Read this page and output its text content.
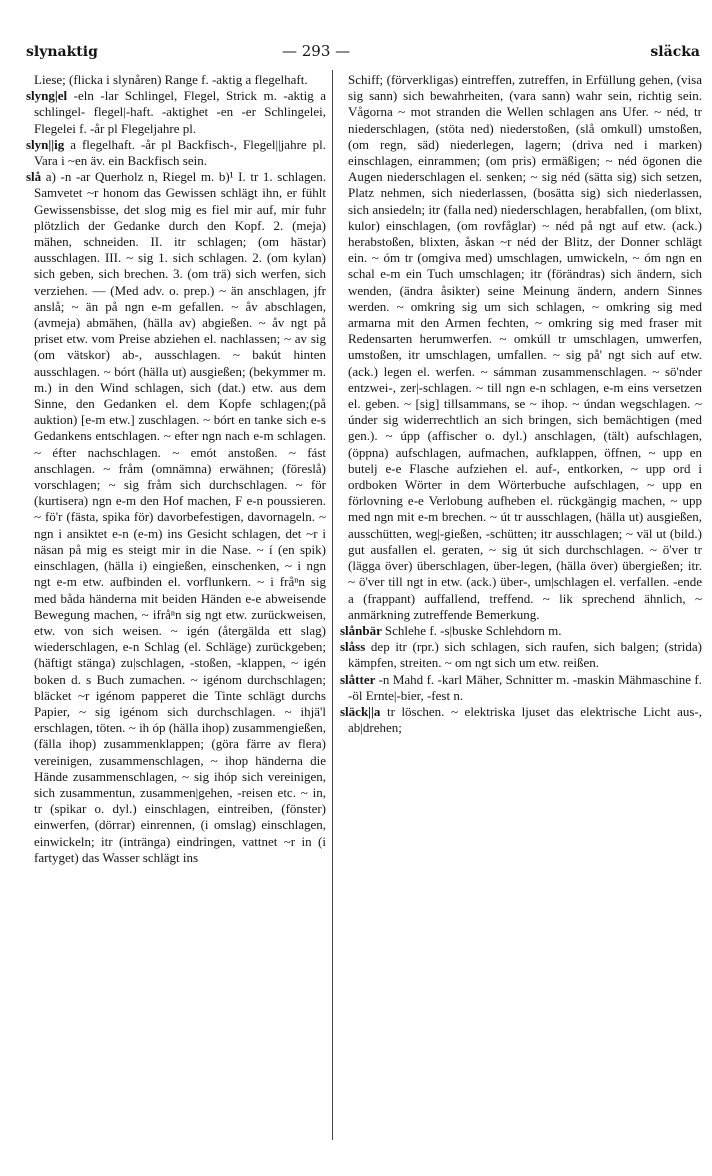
slynaktig	— 293 —	släcka

Liese; (flicka i slynåren) Range f. -aktig a flegelhaft.

slyng|el -eln -lar Schlingel, Flegel, Strick m. -aktig a schlingel- flegel|-haft. -aktighet -en -er Schlingelei, Flegelei f. -år pl Flegeljahre pl.

slyn||ig a flegelhaft. -år pl Backfisch-, Flegel||jahre pl. Vara i ~en äv. ein Backfisch sein.

slå a) -n -ar Querholz n, Riegel m. b)¹ I. tr 1. schlagen. Samvetet ~r honom das Gewissen schlägt ihn, er fühlt Gewissensbisse, det slog mig es fiel mir auf, mir fuhr plötzlich der Gedanke durch den Kopf. 2. (meja) mähen, schneiden. II. itr schlagen; (om hästar) ausschlagen. III. ~ sig 1. sich schlagen. 2. (om kylan) sich geben, sich brechen. 3. (om trä) sich werfen, sich verziehen. — (Med adv. o. prep.) ~ än anschlagen, jfr anslå; ~ än på ngn e-m gefallen. ~ åv abschlagen, (avmeja) abmähen, (hälla av) abgießen. ~ åv ngt på priset etw. vom Preise abziehen el. nachlassen; ~ av sig (om vätskor) ab-, ausschlagen. ~ bakút hinten ausschlagen. ~ bórt (hälla ut) ausgießen; (bekymmer m. m.) in den Wind schlagen, sich (dat.) etw. aus dem Sinne, den Gedanken el. dem Kopfe schlagen;(på auktion) [e-m etw.] zuschlagen. ~ bórt en tanke sich e-s Gedankens entschlagen. ~ efter ngn nach e-m schlagen. ~ éfter nachschlagen. ~ emót anstoßen. ~ fást anschlagen. ~ fråm (omnämna) erwähnen; (föreslå) vorschlagen; ~ sig fråm sich durchschlagen. ~ för (kurtisera) ngn e-m den Hof machen, F e-n poussieren. ~ fö'r (fästa, spika för) davorbefestigen, davornageln. ~ ngn i ansiktet e-n (e-m) ins Gesicht schlagen, det ~r i näsan på mig es steigt mir in die Nase. ~ í (en spik) einschlagen, (hälla i) eingießen, einschenken, ~ i ngn ngt e-m etw. aufbinden el. vorflunkern. ~ i fråⁿn sig med båda händerna mit beiden Händen e-e abweisende Bewegung machen, ~ ifråⁿn sig ngt etw. zurückweisen, etw. von sich weisen. ~ igén (återgälda ett slag) wiederschlagen, e-n Schlag (el. Schläge) zurückgeben; (häftigt stänga) zu|schlagen, -stoßen, -klappen, ~ igén boken d. s Buch zumachen. ~ igénom durchschlagen; bläcket ~r igénom papperet die Tinte schlägt durchs Papier, ~ sig igénom sich durchschlagen. ~ ihjä'l erschlagen, töten. ~ ih óp (hälla ihop) zusammengießen, (fälla ihop) zusammenklappen; (göra färre av flera) vereinigen, zusammenschlagen, ~ ihop händerna die Hände zusammenschlagen, ~ sig ihóp sich vereinigen, sich zusammentun, zusammen|gehen, -reisen etc. ~ in, tr (spikar o. dyl.) einschlagen, eintreiben, (fönster) einwerfen, (dörrar) einrennen, (i omslag) einschlagen, einwickeln; itr (intränga) eindringen, vattnet ~r in (i fartyget) das Wasser schlägt ins

Schiff; (förverkligas) eintreffen, zutreffen, in Erfüllung gehen, (visa sig sann) sich bewahrheiten, (vara sann) wahr sein, richtig sein. Vågorna ~ mot stranden die Wellen schlagen ans Ufer. ~ néd, tr niederschlagen, (stöta ned) niederstoßen, (slå omkull) umstoßen, (om regn, säd) niederlegen, lagern; (driva ned i marken) einschlagen, einrammen; (om pris) ermäßigen; ~ néd ögonen die Augen niederschlagen el. senken; ~ sig néd (sätta sig) sich setzen, Platz nehmen, sich niederlassen, (bosätta sig) sich niederlassen, sich ansiedeln; itr (falla ned) niederschlagen, herabfallen, (om blixt, kulor) einschlagen, (om rovfåglar) ~ néd på ngt auf etw. (ack.) herabstoßen, blixten, åskan ~r néd der Blitz, der Donner schlägt ein. ~ óm tr (omgiva med) umschlagen, umwickeln, ~ óm ngn en schal e-m ein Tuch umschlagen; itr (förändras) sich ändern, sich wenden, (ändra åsikter) seine Meinung ändern, andern Sinnes werden. ~ omkring sig um sich schlagen, ~ omkring sig med armarna mit den Armen fechten, ~ omkring sig med fraser mit Redensarten herumwerfen. ~ omkúll tr umschlagen, umwerfen, umstoßen, itr umschlagen, umfallen. ~ sig på' ngt sich auf etw. (ack.) legen el. werfen. ~ sámman zusammenschlagen. ~ sö'nder entzwei-, zer|-schlagen. ~ till ngn e-n schlagen, e-m eins versetzen el. geben. ~ [sig] tillsammans, se ~ ihop. ~ úndan wegschlagen. ~ únder sig widerrechtlich an sich bringen, sich bemächtigen (med gen.). ~ úpp (affischer o. dyl.) anschlagen, (tält) aufschlagen, (öppna) aufschlagen, aufmachen, aufklappen, öffnen, ~ upp en butelj e-e Flasche aufziehen el. auf-, entkorken, ~ upp ord i ordboken Wörter in dem Wörterbuche aufschlagen, ~ upp en förlovning e-e Verlobung aufheben el. rückgängig machen, ~ upp med ngn mit e-m brechen. ~ út tr ausschlagen, (hälla ut) ausgießen, ausschütten, weg|-gießen, -schütten; itr ausschlagen; ~ väl ut (bild.) gut ausfallen el. geraten, ~ sig út sich durchschlagen. ~ ö'ver tr (lägga över) überschlagen, über-legen, (hälla över) übergießen; itr. ~ ö'ver till ngt in etw. (ack.) über-, um|schlagen el. verfallen. -ende a (frappant) auffallend, treffend. ~ lik sprechend ähnlich, ~ anmärkning zutreffende Bemerkung.

slånbär Schlehe f. -s|buske Schlehdorn m.

slåss dep itr (rpr.) sich schlagen, sich raufen, sich balgen; (strida) kämpfen, streiten. ~ om ngt sich um etw. reißen.

slåtter -n Mahd f. -karl Mäher, Schnitter m. -maskin Mähmaschine f. -öl Ernte|-bier, -fest n.

släck||a tr löschen. ~ elektriska ljuset das elektrische Licht aus-, ab|drehen;
